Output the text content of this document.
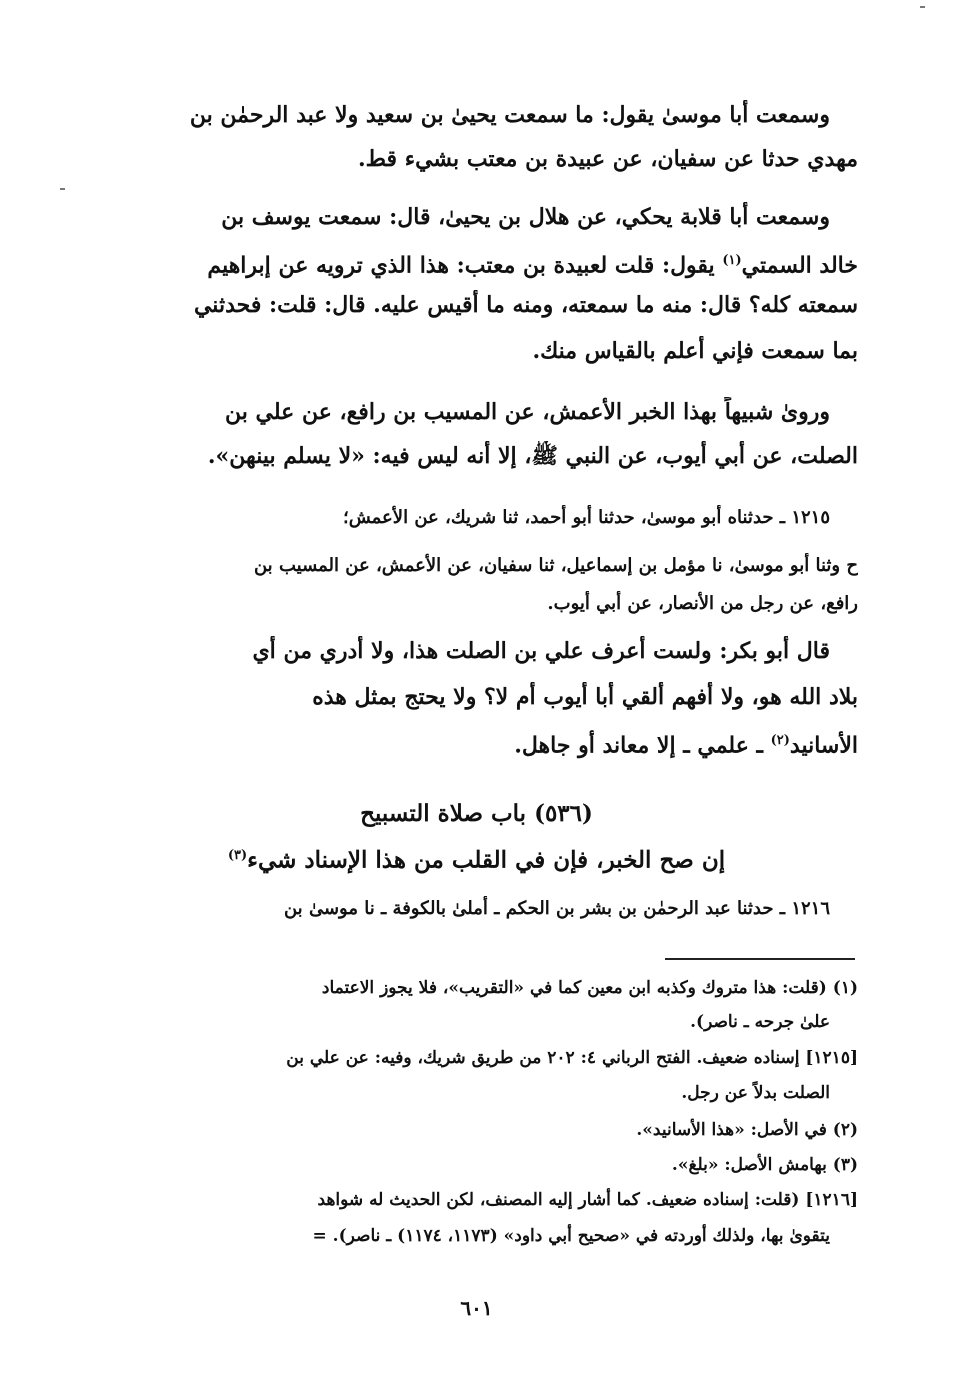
وسمعت أبا موسىٰ يقول: ما سمعت يحيىٰ بن سعيد ولا عبد الرحمٰن بن
مهدي حدثا عن سفيان، عن عبيدة بن معتب بشيء قط.
وسمعت أبا قلابة يحكي، عن هلال بن يحيىٰ، قال: سمعت يوسف بن
خالد السمتي$^{(١)}$ يقول: قلت لعبيدة بن معتب: هذا الذي ترويه عن إبراهيم
سمعته كله؟ قال: منه ما سمعته، ومنه ما أقيس عليه. قال: قلت: فحدثني
بما سمعت فإني أعلم بالقياس منك.
ورویٰ شبيهاً بهذا الخبر الأعمش، عن المسيب بن رافع، عن علي بن
الصلت، عن أبي أيوب، عن النبي ﷺ، إلا أنه ليس فيه: «لا يسلم بينهن».
١٢١٥ ـ حدثناه أبو موسىٰ، حدثنا أبو أحمد، ثنا شريك، عن الأعمش؛
ح وثنا أبو موسىٰ، نا مؤمل بن إسماعيل، ثنا سفيان، عن الأعمش، عن المسيب بن
رافع، عن رجل من الأنصار، عن أبي أيوب.
قال أبو بكر: ولست أعرف علي بن الصلت هذا، ولا أدري من أي
بلاد الله هو، ولا أفهم ألقي أبا أيوب أم لا؟ ولا يحتج بمثل هذه
الأسانيد$^{(٢)}$ ـ علمي ـ إلا معاند أو جاهل.
(٥٣٦) باب صلاة التسبيح
إن صح الخبر، فإن في القلب من هذا الإسناد شيء$^{(٣)}$
١٢١٦ ـ حدثنا عبد الرحمٰن بن بشر بن الحكم ـ أملىٰ بالكوفة ـ نا موسىٰ بن
(١) (قلت: هذا متروك وكذبه ابن معين كما في «التقريب»، فلا يجوز الاعتماد
علىٰ جرحه ـ ناصر).
[١٢١٥] إسناده ضعيف. الفتح الرباني ٤: ٢٠٢ من طريق شريك، وفيه: عن علي بن
الصلت بدلاً عن رجل.
(٢) في الأصل: «هذا الأسانيد».
(٣) بهامش الأصل: «بلغ».
[١٢١٦] (قلت: إسناده ضعيف. كما أشار إليه المصنف، لكن الحديث له شواهد
يتقوىٰ بها، ولذلك أوردته في «صحيح أبي داود» (١١٧٣، ١١٧٤) ـ ناصر). =
٦٠١
